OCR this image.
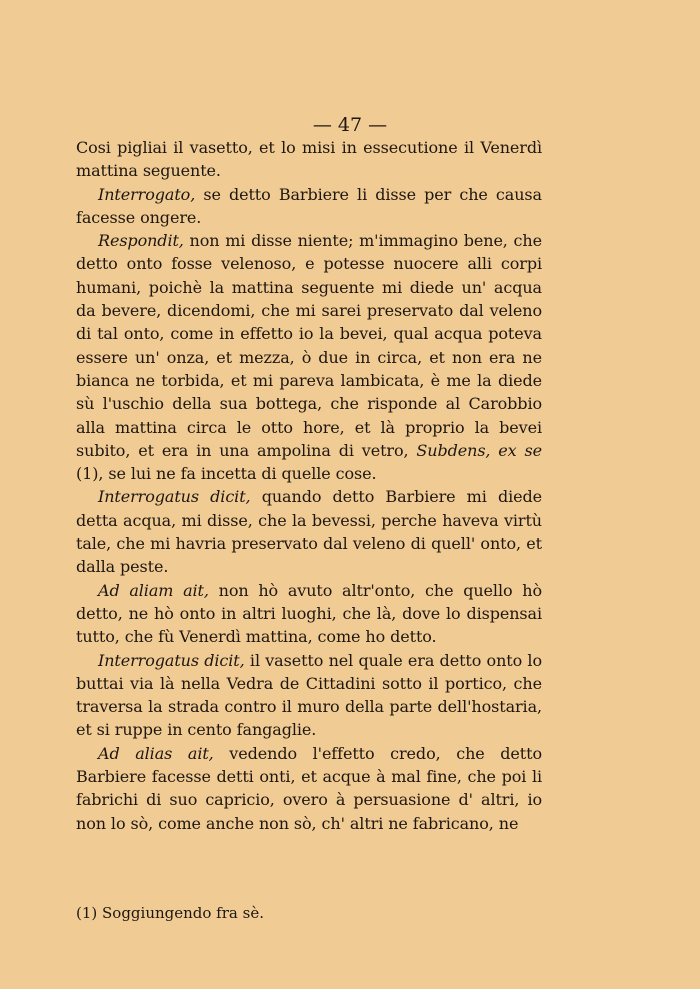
— 47 —

Cosi pigliai il vasetto, et lo misi in essecutione il Venerdì mattina seguente.

Interrogato, se detto Barbiere li disse per che causa facesse ongere.

Respondit, non mi disse niente; m'immagino bene, che detto onto fosse velenoso, e potesse nuocere alli corpi humani, poichè la mattina seguente mi diede un' acqua da bevere, dicendomi, che mi sarei preservato dal veleno di tal onto, come in effetto io la bevei, qual acqua poteva essere un' onza, et mezza, ò due in circa, et non era ne bianca ne torbida, et mi pareva lambicata, è me la diede sù l'uschio della sua bottega, che risponde al Carobbio alla mattina circa le otto hore, et là proprio la bevei subito, et era in una ampolina di vetro, Subdens, ex se (1), se lui ne fa incetta di quelle cose.

Interrogatus dicit, quando detto Barbiere mi diede detta acqua, mi disse, che la bevessi, perche haveva virtù tale, che mi havria preservato dal veleno di quell' onto, et dalla peste.

Ad aliam ait, non hò avuto altr'onto, che quello hò detto, ne hò onto in altri luoghi, che là, dove lo dispensai tutto, che fù Venerdì mattina, come ho detto.

Interrogatus dicit, il vasetto nel quale era detto onto lo buttai via là nella Vedra de Cittadini sotto il portico, che traversa la strada contro il muro della parte dell'hostaria, et si ruppe in cento fangaglie.

Ad alias ait, vedendo l'effetto credo, che detto Barbiere facesse detti onti, et acque à mal fine, che poi li fabrichi di suo capricio, overo à persuasione d' altri, io non lo sò, come anche non sò, ch' altri ne fabricano, ne

(1) Soggiungendo fra sè.
